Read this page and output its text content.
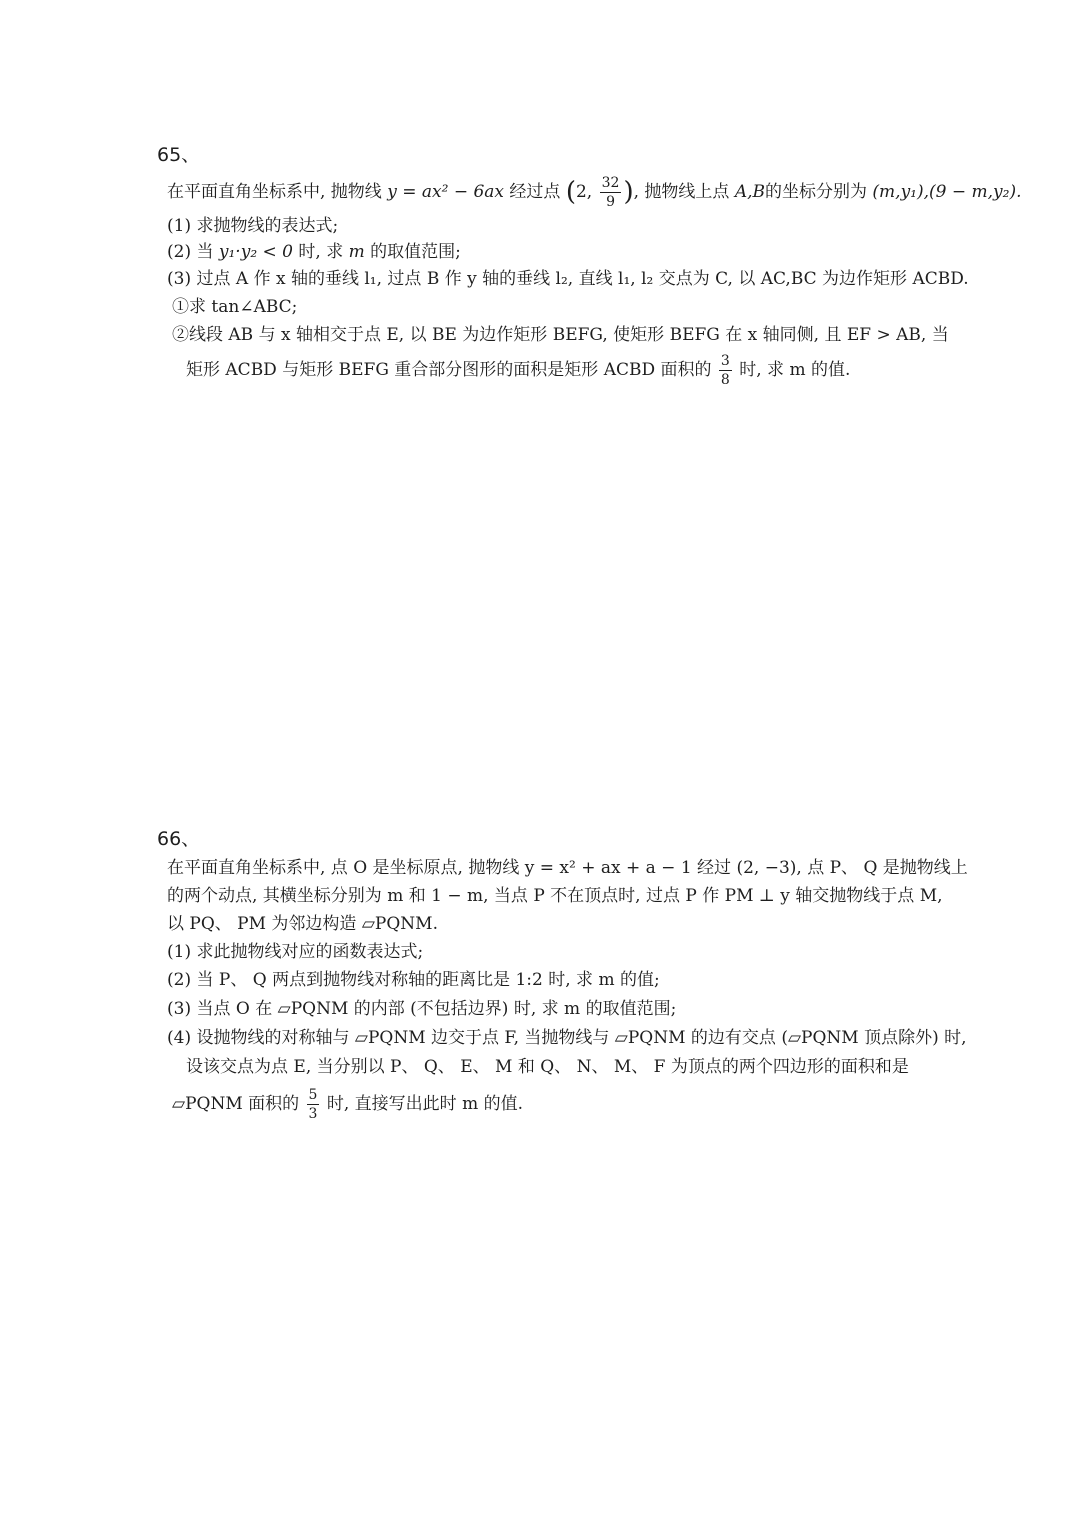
65、
在平面直角坐标系中, 抛物线 y = ax² − 6ax 经过点 (2, $\frac{32}{9}$ ), 抛物线上点 A,B的坐标分别为 (m,y₁),(9 − m,y₂).
(1) 求抛物线的表达式;
(2) 当 y₁·y₂ < 0 时, 求 m 的取值范围;
(3) 过点 A 作 x 轴的垂线 l₁, 过点 B 作 y 轴的垂线 l₂, 直线 l₁, l₂ 交点为 C, 以 AC,BC 为边作矩形 ACBD.
①求 tan∠ABC;
②线段 AB 与 x 轴相交于点 E, 以 BE 为边作矩形 BEFG, 使矩形 BEFG 在 x 轴同侧, 且 EF > AB, 当
矩形 ACBD 与矩形 BEFG 重合部分图形的面积是矩形 ACBD 面积的 $\frac{3}{8}$ 时, 求 m 的值.
66、
在平面直角坐标系中, 点 O 是坐标原点, 抛物线 y = x² + ax + a − 1 经过 (2, −3), 点 P、 Q 是抛物线上
的两个动点, 其横坐标分别为 m 和 1 − m, 当点 P 不在顶点时, 过点 P 作 PM ⊥ y 轴交抛物线于点 M,
以 PQ、 PM 为邻边构造 ▱PQNM.
(1) 求此抛物线对应的函数表达式;
(2) 当 P、 Q 两点到抛物线对称轴的距离比是 1:2 时, 求 m 的值;
(3) 当点 O 在 ▱PQNM 的内部 (不包括边界) 时, 求 m 的取值范围;
(4) 设抛物线的对称轴与 ▱PQNM 边交于点 F, 当抛物线与 ▱PQNM 的边有交点 (▱PQNM 顶点除外) 时,
设该交点为点 E, 当分别以 P、 Q、 E、 M 和 Q、 N、 M、 F 为顶点的两个四边形的面积和是
▱PQNM 面积的 $\frac{5}{3}$ 时, 直接写出此时 m 的值.
